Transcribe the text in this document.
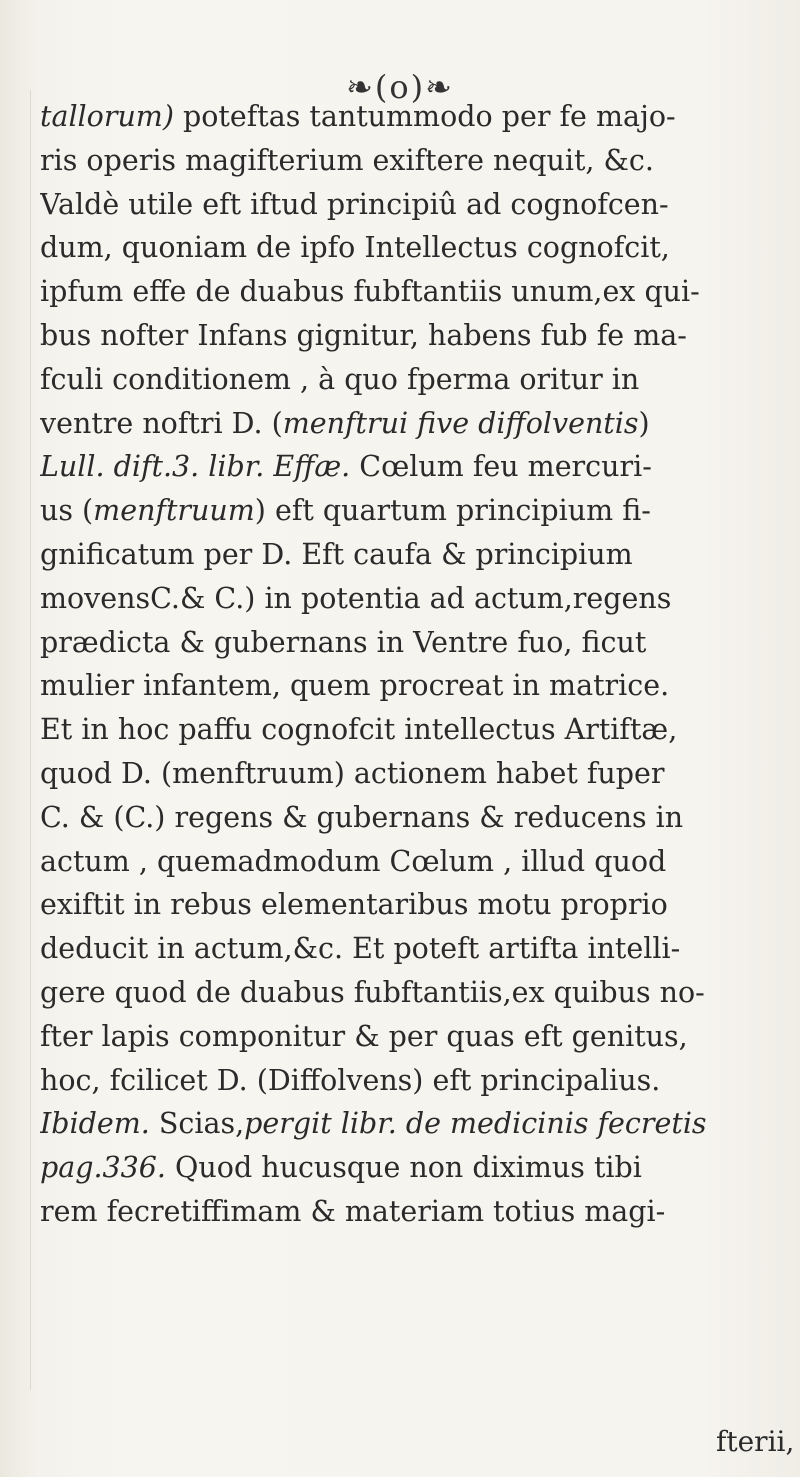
❧(o)❧
tallorum) poteftas tantummodo per fe majo-
ris operis magifterium exiftere nequit, &c.
Valdè utile eft iftud principiû ad cognofcen-
dum, quoniam de ipfo Intellectus cognofcit,
ipfum effe de duabus fubftantiis unum,ex qui-
bus nofter Infans gignitur, habens fub fe ma-
fculi conditionem , à quo fperma oritur in
ventre noftri D. (menftrui five diffolventis)
Lull. dift.3. libr. Effæ. Cœlum feu mercuri-
us (menftruum) eft quartum principium fi-
gnificatum per D. Eft caufa & principium
movensC.& C.) in potentia ad actum,regens
prædicta & gubernans in Ventre fuo, ficut
mulier infantem, quem procreat in matrice.
Et in hoc paffu cognofcit intellectus Artiftæ,
quod D. (menftruum) actionem habet fuper
C. & (C.) regens & gubernans & reducens in
actum , quemadmodum Cœlum , illud quod
exiftit in rebus elementaribus motu proprio
deducit in actum,&c. Et poteft artifta intelli-
gere quod de duabus fubftantiis,ex quibus no-
fter lapis componitur & per quas eft genitus,
hoc, fcilicet D. (Diffolvens) eft principalius.
Ibidem. Scias,pergit libr. de medicinis fecretis
pag.336. Quod hucusque non diximus tibi
rem fecretiffimam & materiam totius magi-
fterii,
